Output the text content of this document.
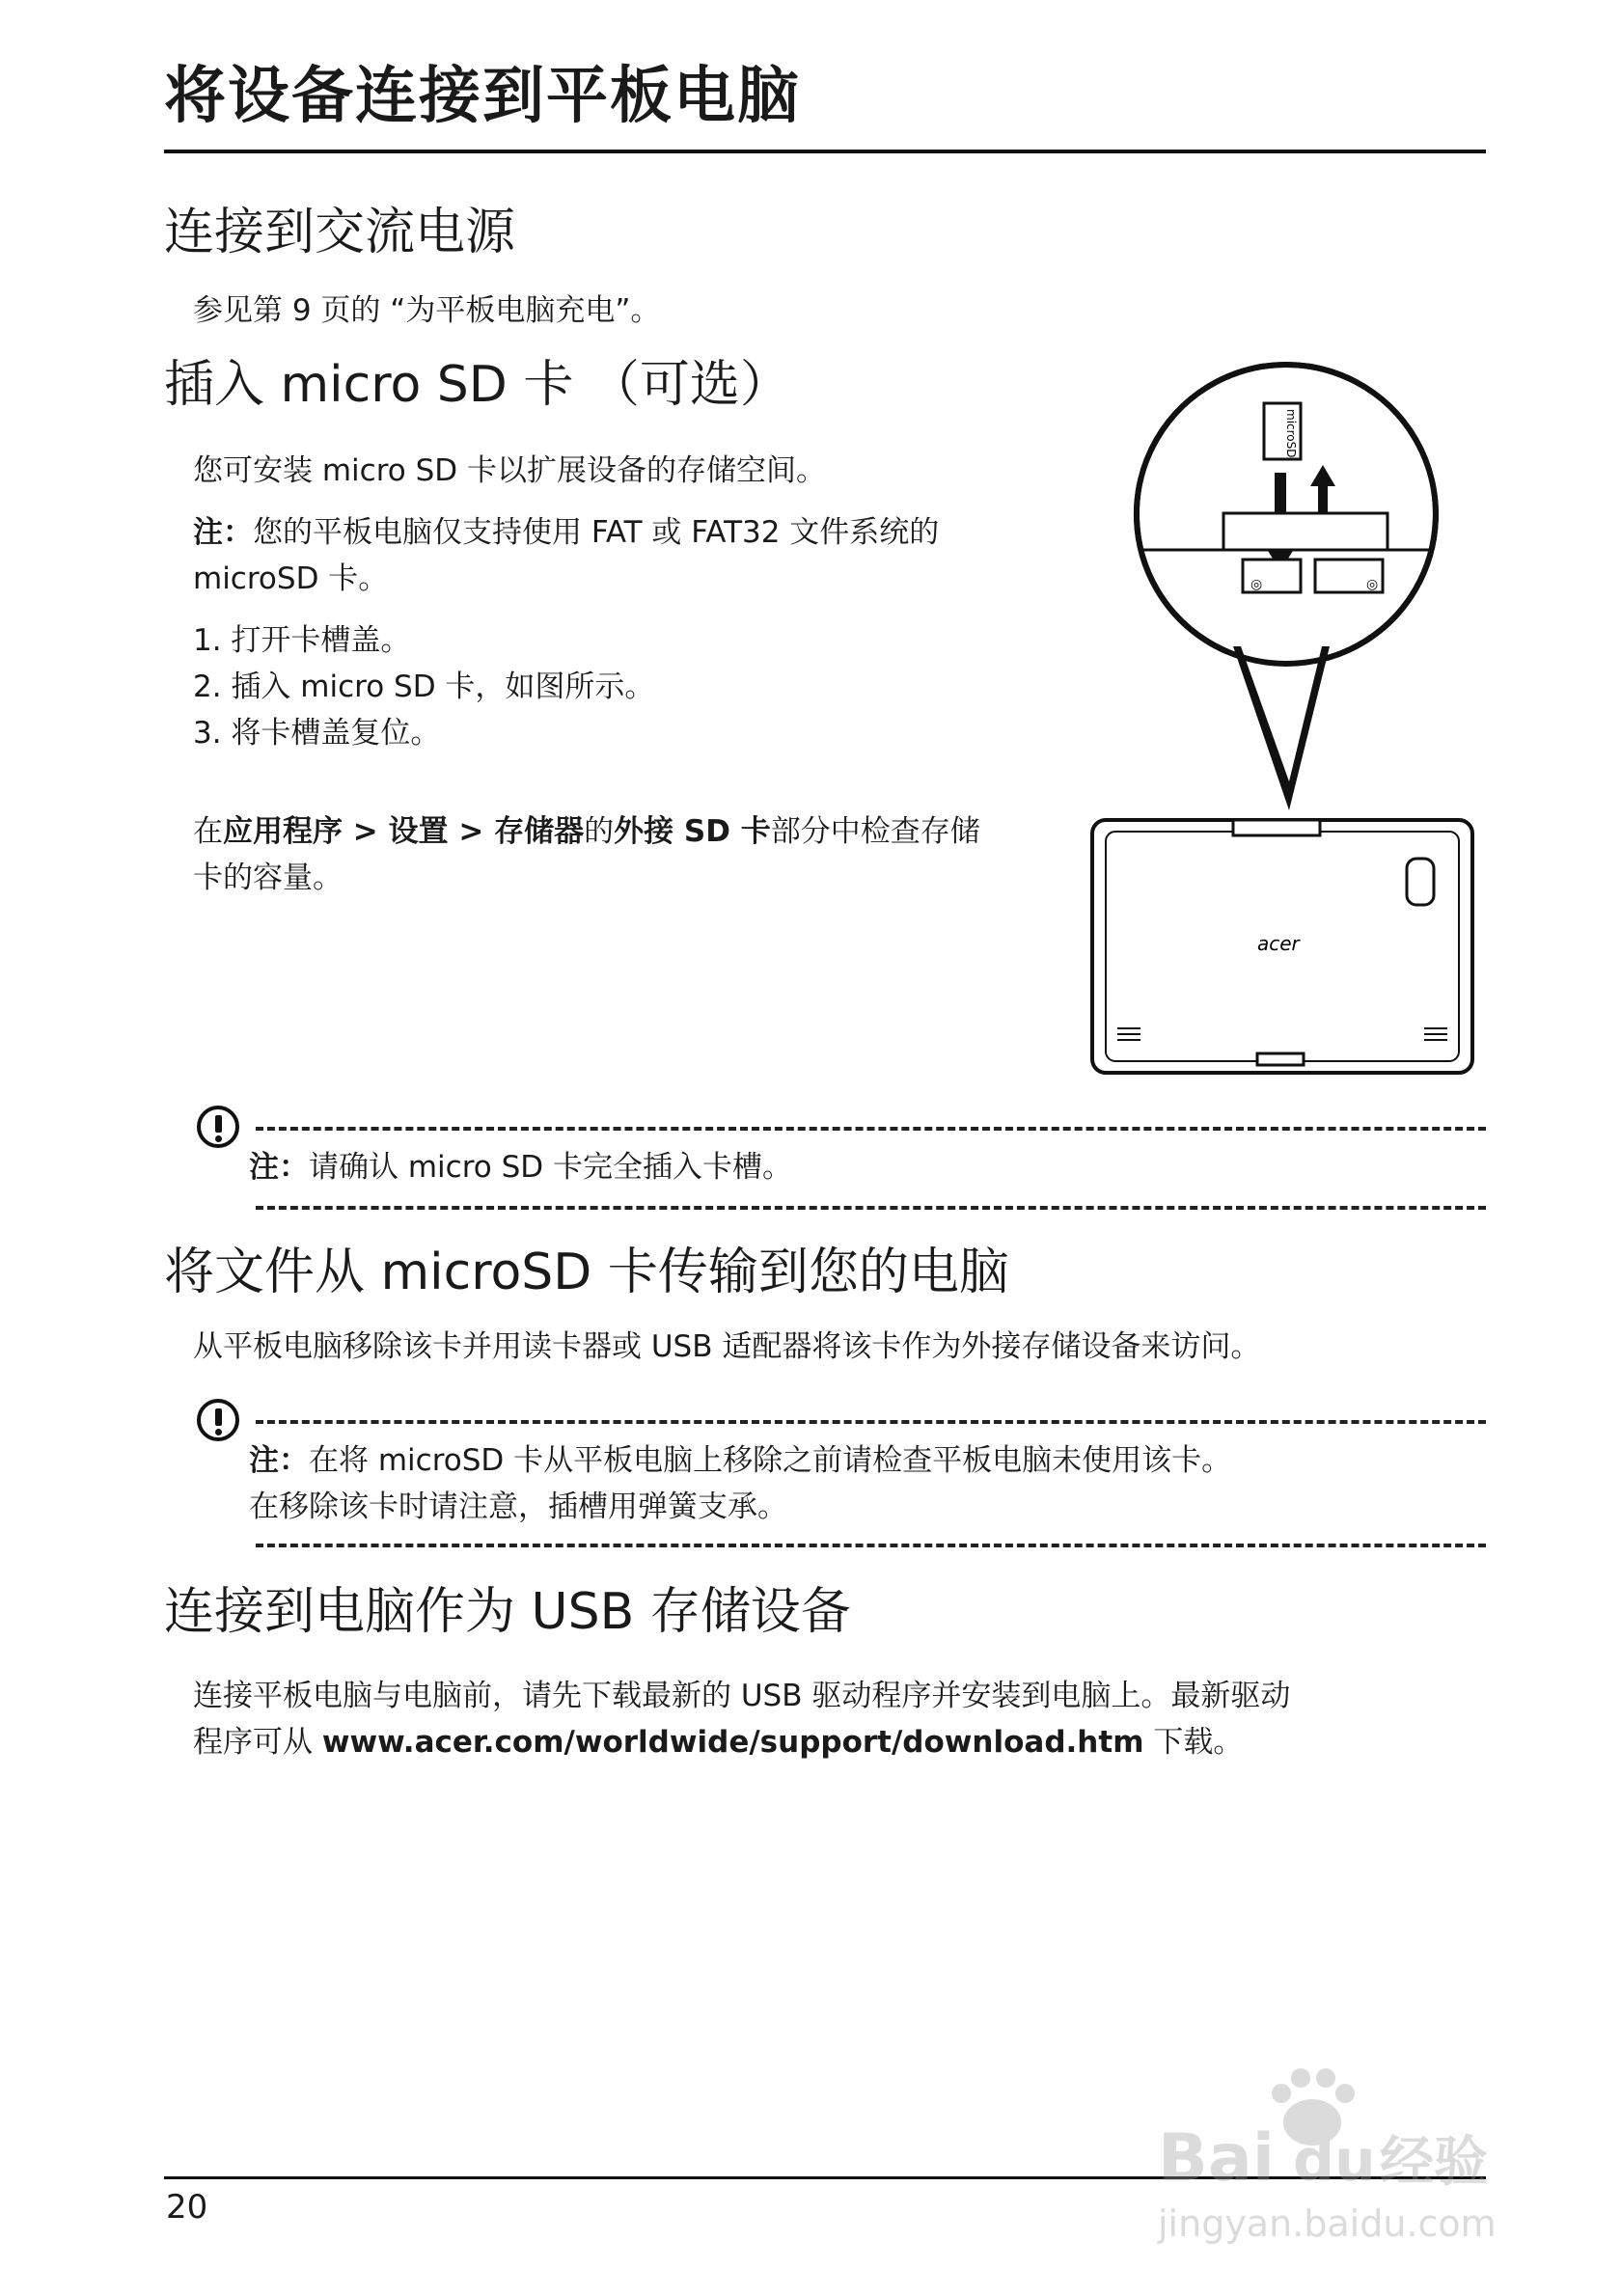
将设备连接到平板电脑
连接到交流电源

参见第 9 页的 “为平板电脑充电”。

插入 micro SD 卡 （可选）

您可安装 micro SD 卡以扩展设备的存储空间。

注：您的平板电脑仅支持使用 FAT 或 FAT32 文件系统的
microSD 卡。

1. 打开卡槽盖。
2. 插入 micro SD 卡，如图所示。
3. 将卡槽盖复位。

在应用程序 > 设置 > 存储器的外接 SD 卡部分中检查存储
卡的容量。

microSD
◎	◎
acer

注：请确认 micro SD 卡完全插入卡槽。

将文件从 microSD 卡传输到您的电脑

从平板电脑移除该卡并用读卡器或 USB 适配器将该卡作为外接存储设备来访问。

注：在将 microSD 卡从平板电脑上移除之前请检查平板电脑未使用该卡。
在移除该卡时请注意，插槽用弹簧支承。

连接到电脑作为 USB 存储设备

连接平板电脑与电脑前，请先下载最新的 USB 驱动程序并安装到电脑上。最新驱动
程序可从 www.acer.com/worldwide/support/download.htm 下载。

20
Bai du 经验
jingyan.baidu.com
